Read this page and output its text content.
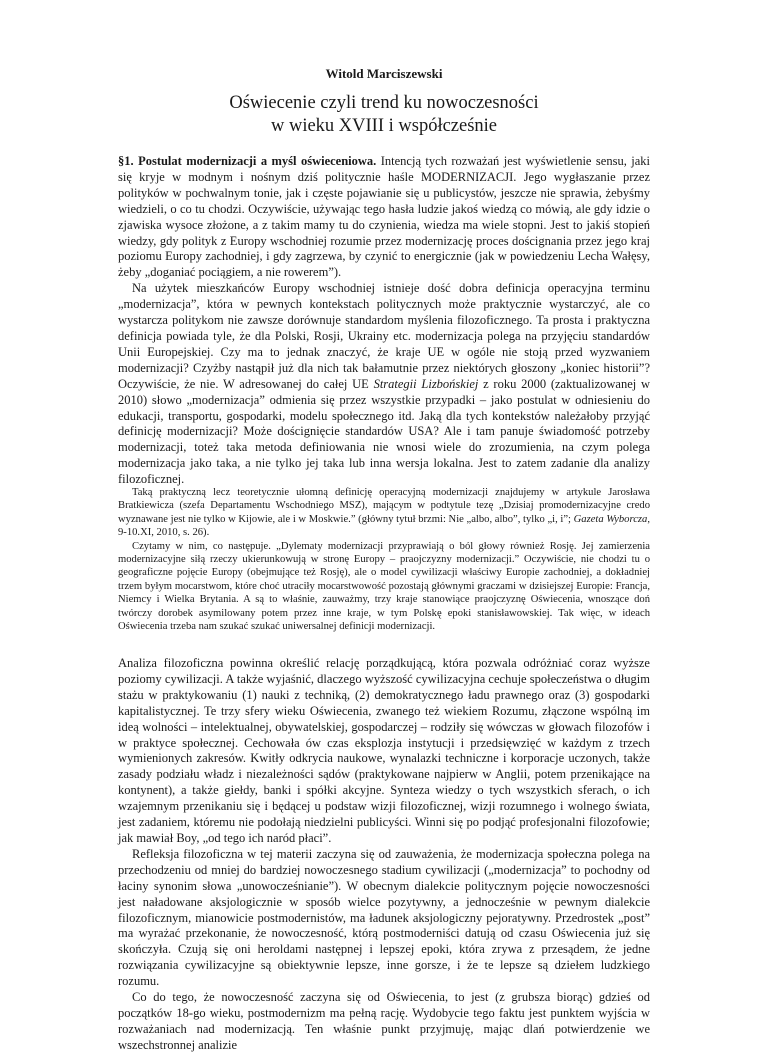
Witold Marciszewski
Oświecenie czyli trend ku nowoczesności
w wieku XVIII i współcześnie

§1. Postulat modernizacji a myśl oświeceniowa. Intencją tych rozważań jest wyświetlenie sensu, jaki się kryje w modnym i nośnym dziś politycznie haśle MODERNIZACJI. Jego wygłaszanie przez polityków w pochwalnym tonie, jak i częste pojawianie się u publicystów, jeszcze nie sprawia, żebyśmy wiedzieli, o co tu chodzi. Oczywiście, używając tego hasła ludzie jakoś wiedzą co mówią, ale gdy idzie o zjawiska wysoce złożone, a z takim mamy tu do czynienia, wiedza ma wiele stopni. Jest to jakiś stopień wiedzy, gdy polityk z Europy wschodniej rozumie przez modernizację proces doścignania przez jego kraj poziomu Europy zachodniej, i gdy zagrzewa, by czynić to energicznie (jak w powiedzeniu Lecha Wałęsy, żeby „doganiać pociągiem, a nie rowerem”).

Na użytek mieszkańców Europy wschodniej istnieje dość dobra definicja operacyjna terminu „modernizacja”, która w pewnych kontekstach politycznych może praktycznie wystarczyć, ale co wystarcza politykom nie zawsze dorównuje standardom myślenia filozoficznego. Ta prosta i praktyczna definicja powiada tyle, że dla Polski, Rosji, Ukrainy etc. modernizacja polega na przyjęciu standardów Unii Europejskiej. Czy ma to jednak znaczyć, że kraje UE w ogóle nie stoją przed wyzwaniem modernizacji? Czyżby nastąpił już dla nich tak bałamutnie przez niektórych głoszony „koniec historii”? Oczywiście, że nie. W adresowanej do całej UE Strategii Lizbońskiej z roku 2000 (zaktualizowanej w 2010) słowo „modernizacja” odmienia się przez wszystkie przypadki – jako postulat w odniesieniu do edukacji, transportu, gospodarki, modelu społecznego itd. Jaką dla tych kontekstów należałoby przyjąć definicję modernizacji? Może doścignięcie standardów USA? Ale i tam panuje świadomość potrzeby modernizacji, toteż taka metoda definiowania nie wnosi wiele do zrozumienia, na czym polega modernizacja jako taka, a nie tylko jej taka lub inna wersja lokalna. Jest to zatem zadanie dla analizy filozoficznej.

Taką praktyczną lecz teoretycznie ułomną definicję operacyjną modernizacji znajdujemy w artykule Jarosława Bratkiewicza (szefa Departamentu Wschodniego MSZ), mającym w podtytule tezę „Dzisiaj promodernizacyjne credo wyznawane jest nie tylko w Kijowie, ale i w Moskwie.” (główny tytuł brzmi: Nie „albo, albo”, tylko „i, i”; Gazeta Wyborcza, 9-10.XI, 2010, s. 26).

Czytamy w nim, co następuje. „Dylematy modernizacji przyprawiają o ból głowy również Rosję. Jej zamierzenia modernizacyjne siłą rzeczy ukierunkowują w stronę Europy – praojczyzny modernizacji.” Oczywiście, nie chodzi tu o geograficzne pojęcie Europy (obejmujące też Rosję), ale o model cywilizacji właściwy Europie zachodniej, a dokładniej trzem byłym mocarstwom, które choć utraciły mocarstwowość pozostają głównymi graczami w dzisiejszej Europie: Francja, Niemcy i Wielka Brytania. A są to właśnie, zauważmy, trzy kraje stanowiące praojczyznę Oświecenia, wnoszące doń twórczy dorobek asymilowany potem przez inne kraje, w tym Polskę epoki stanisławowskiej. Tak więc, w ideach Oświecenia trzeba nam szukać szukać uniwersalnej definicji modernizacji.

Analiza filozoficzna powinna określić relację porządkującą, która pozwala odróżniać coraz wyższe poziomy cywilizacji. A także wyjaśnić, dlaczego wyższość cywilizacyjna cechuje społeczeństwa o długim stażu w praktykowaniu (1) nauki z techniką, (2) demokratycznego ładu prawnego oraz (3) gospodarki kapitalistycznej. Te trzy sfery wieku Oświecenia, zwanego też wiekiem Rozumu, złączone wspólną im ideą wolności – intelektualnej, obywatelskiej, gospodarczej – rodziły się wówczas w głowach filozofów i w praktyce społecznej. Cechowała ów czas eksplozja instytucji i przedsięwzięć w każdym z trzech wymienionych zakresów. Kwitły odkrycia naukowe, wynalazki techniczne i korporacje uczonych, także zasady podziału władz i niezależności sądów (praktykowane najpierw w Anglii, potem przenikające na kontynent), a także giełdy, banki i spółki akcyjne. Synteza wiedzy o tych wszystkich sferach, o ich wzajemnym przenikaniu się i będącej u podstaw wizji filozoficznej, wizji rozumnego i wolnego świata, jest zadaniem, któremu nie podołają niedzielni publicyści. Winni się po podjąć profesjonalni filozofowie; jak mawiał Boy, „od tego ich naród płaci”.

Refleksja filozoficzna w tej materii zaczyna się od zauważenia, że modernizacja społeczna polega na przechodzeniu od mniej do bardziej nowoczesnego stadium cywilizacji („modernizacja” to pochodny od łaciny synonim słowa „unowocześnianie”). W obecnym dialekcie politycznym pojęcie nowoczesności jest naładowane aksjologicznie w sposób wielce pozytywny, a jednocześnie w pewnym dialekcie filozoficznym, mianowicie postmodernistów, ma ładunek aksjologiczny pejoratywny. Przedrostek „post” ma wyrażać przekonanie, że nowoczesność, którą postmoderniści datują od czasu Oświecenia już się skończyła. Czują się oni heroldami następnej i lepszej epoki, która zrywa z przesądem, że jedne rozwiązania cywilizacyjne są obiektywnie lepsze, inne gorsze, i że te lepsze są dziełem ludzkiego rozumu.

Co do tego, że nowoczesność zaczyna się od Oświecenia, to jest (z grubsza biorąc) gdzieś od początków 18-go wieku, postmodernizm ma pełną rację. Wydobycie tego faktu jest punktem wyjścia w rozważaniach nad modernizacją. Ten właśnie punkt przyjmuję, mając dlań potwierdzenie we wszechstronnej analizie
